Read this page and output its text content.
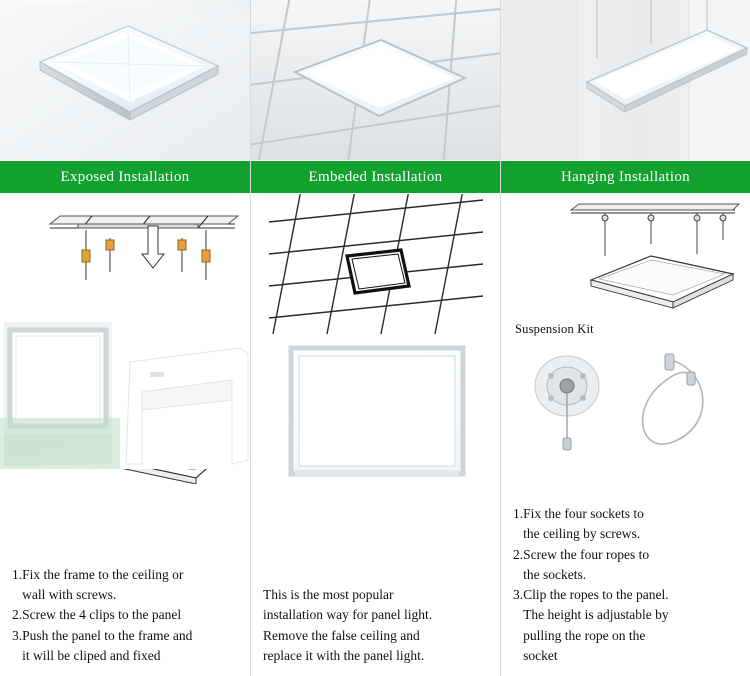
Exposed Installation
1.Fix the frame to the ceiling or
wall with screws.
2.Screw the 4 clips to the panel
3.Push the panel to the frame and
it will be cliped and fixed
Embeded Installation
This is the most popular
installation way for panel light.
Remove the false ceiling and
replace it with the panel light.
Hanging Installation
Suspension Kit
1.Fix the four sockets to
the ceiling by screws.
2.Screw the four ropes to
the sockets.
3.Clip the ropes to the panel.
The height is adjustable by
pulling the rope on the
socket
